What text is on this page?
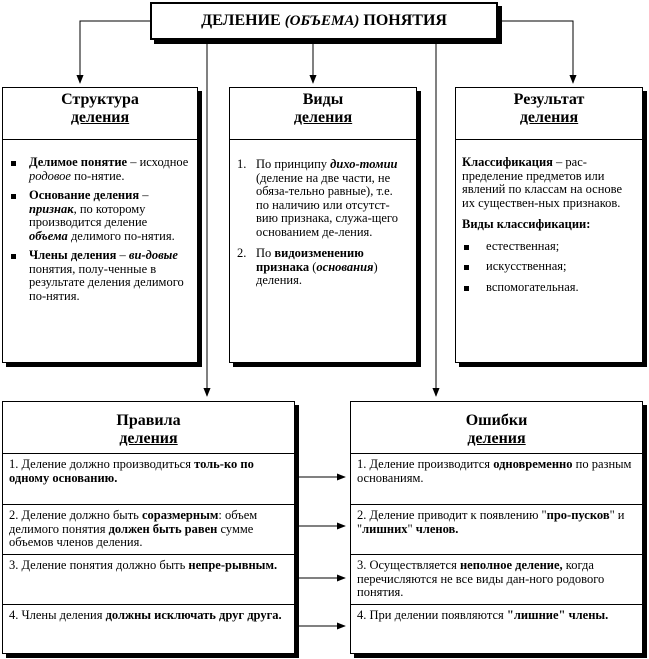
ДЕЛЕНИЕ (ОБЪЕМА) ПОНЯТИЯ
Структура
деления
Делимое понятие – исходное родовое по-нятие.
Основание деления – признак, по которому производится деление объема делимого по-нятия.
Члены деления – ви-довые понятия, полу-ченные в результате деления делимого по-нятия.
Виды
деления
1. По принципу дихо-томии (деление на две части, не обяза-тельно равные), т.е. по наличию или отсутст-вию признака, служа-щего основанием де-ления.
2. По видоизменению признака (основания) деления.
Результат
деления
Классификация – рас-пределение предметов или явлений по классам на основе их существен-ных признаков.
Виды классификации:
естественная;
искусственная;
вспомогательная.
Правила
деления
1. Деление должно производиться толь-ко по одному основанию.
2. Деление должно быть соразмерным: объем делимого понятия должен быть равен сумме объемов членов деления.
3. Деление понятия должно быть непре-рывным.
4. Члены деления должны исключать друг друга.
Ошибки
деления
1. Деление производится одновременно по разным основаниям.
2. Деление приводит к появлению "про-пусков" и "лишних" членов.
3. Осуществляется неполное деление, когда перечисляются не все виды дан-ного родового понятия.
4. При делении появляются "лишние" члены.
